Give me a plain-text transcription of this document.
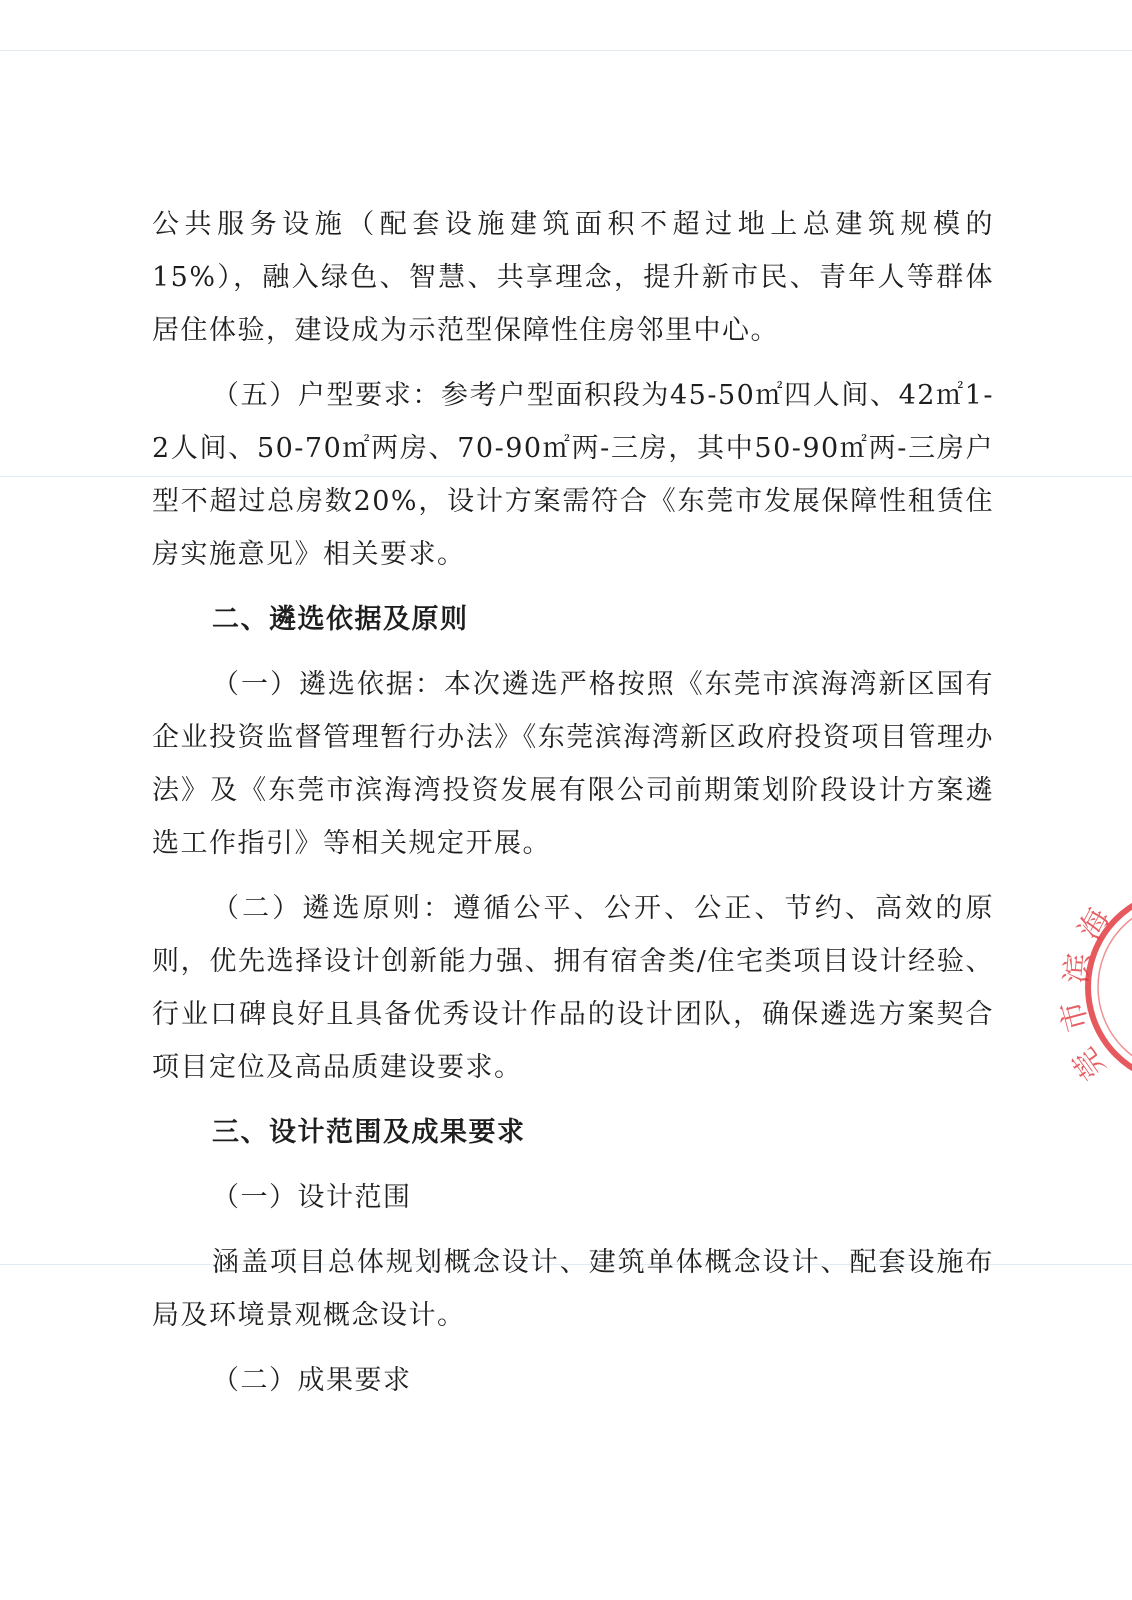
公共服务设施（配套设施建筑面积不超过地上总建筑规模的15%），融入绿色、智慧、共享理念，提升新市民、青年人等群体居住体验，建设成为示范型保障性住房邻里中心。

（五）户型要求：参考户型面积段为45-50㎡四人间、42㎡1-2人间、50-70㎡两房、70-90㎡两-三房，其中50-90㎡两-三房户型不超过总房数20%，设计方案需符合《东莞市发展保障性租赁住房实施意见》相关要求。

二、遴选依据及原则

（一）遴选依据：本次遴选严格按照《东莞市滨海湾新区国有企业投资监督管理暂行办法》《东莞滨海湾新区政府投资项目管理办法》及《东莞市滨海湾投资发展有限公司前期策划阶段设计方案遴选工作指引》等相关规定开展。

（二）遴选原则：遵循公平、公开、公正、节约、高效的原则，优先选择设计创新能力强、拥有宿舍类/住宅类项目设计经验、行业口碑良好且具备优秀设计作品的设计团队，确保遴选方案契合项目定位及高品质建设要求。

三、设计范围及成果要求

（一）设计范围

涵盖项目总体规划概念设计、建筑单体概念设计、配套设施布局及环境景观概念设计。

（二）成果要求

海
滨
市
莞
